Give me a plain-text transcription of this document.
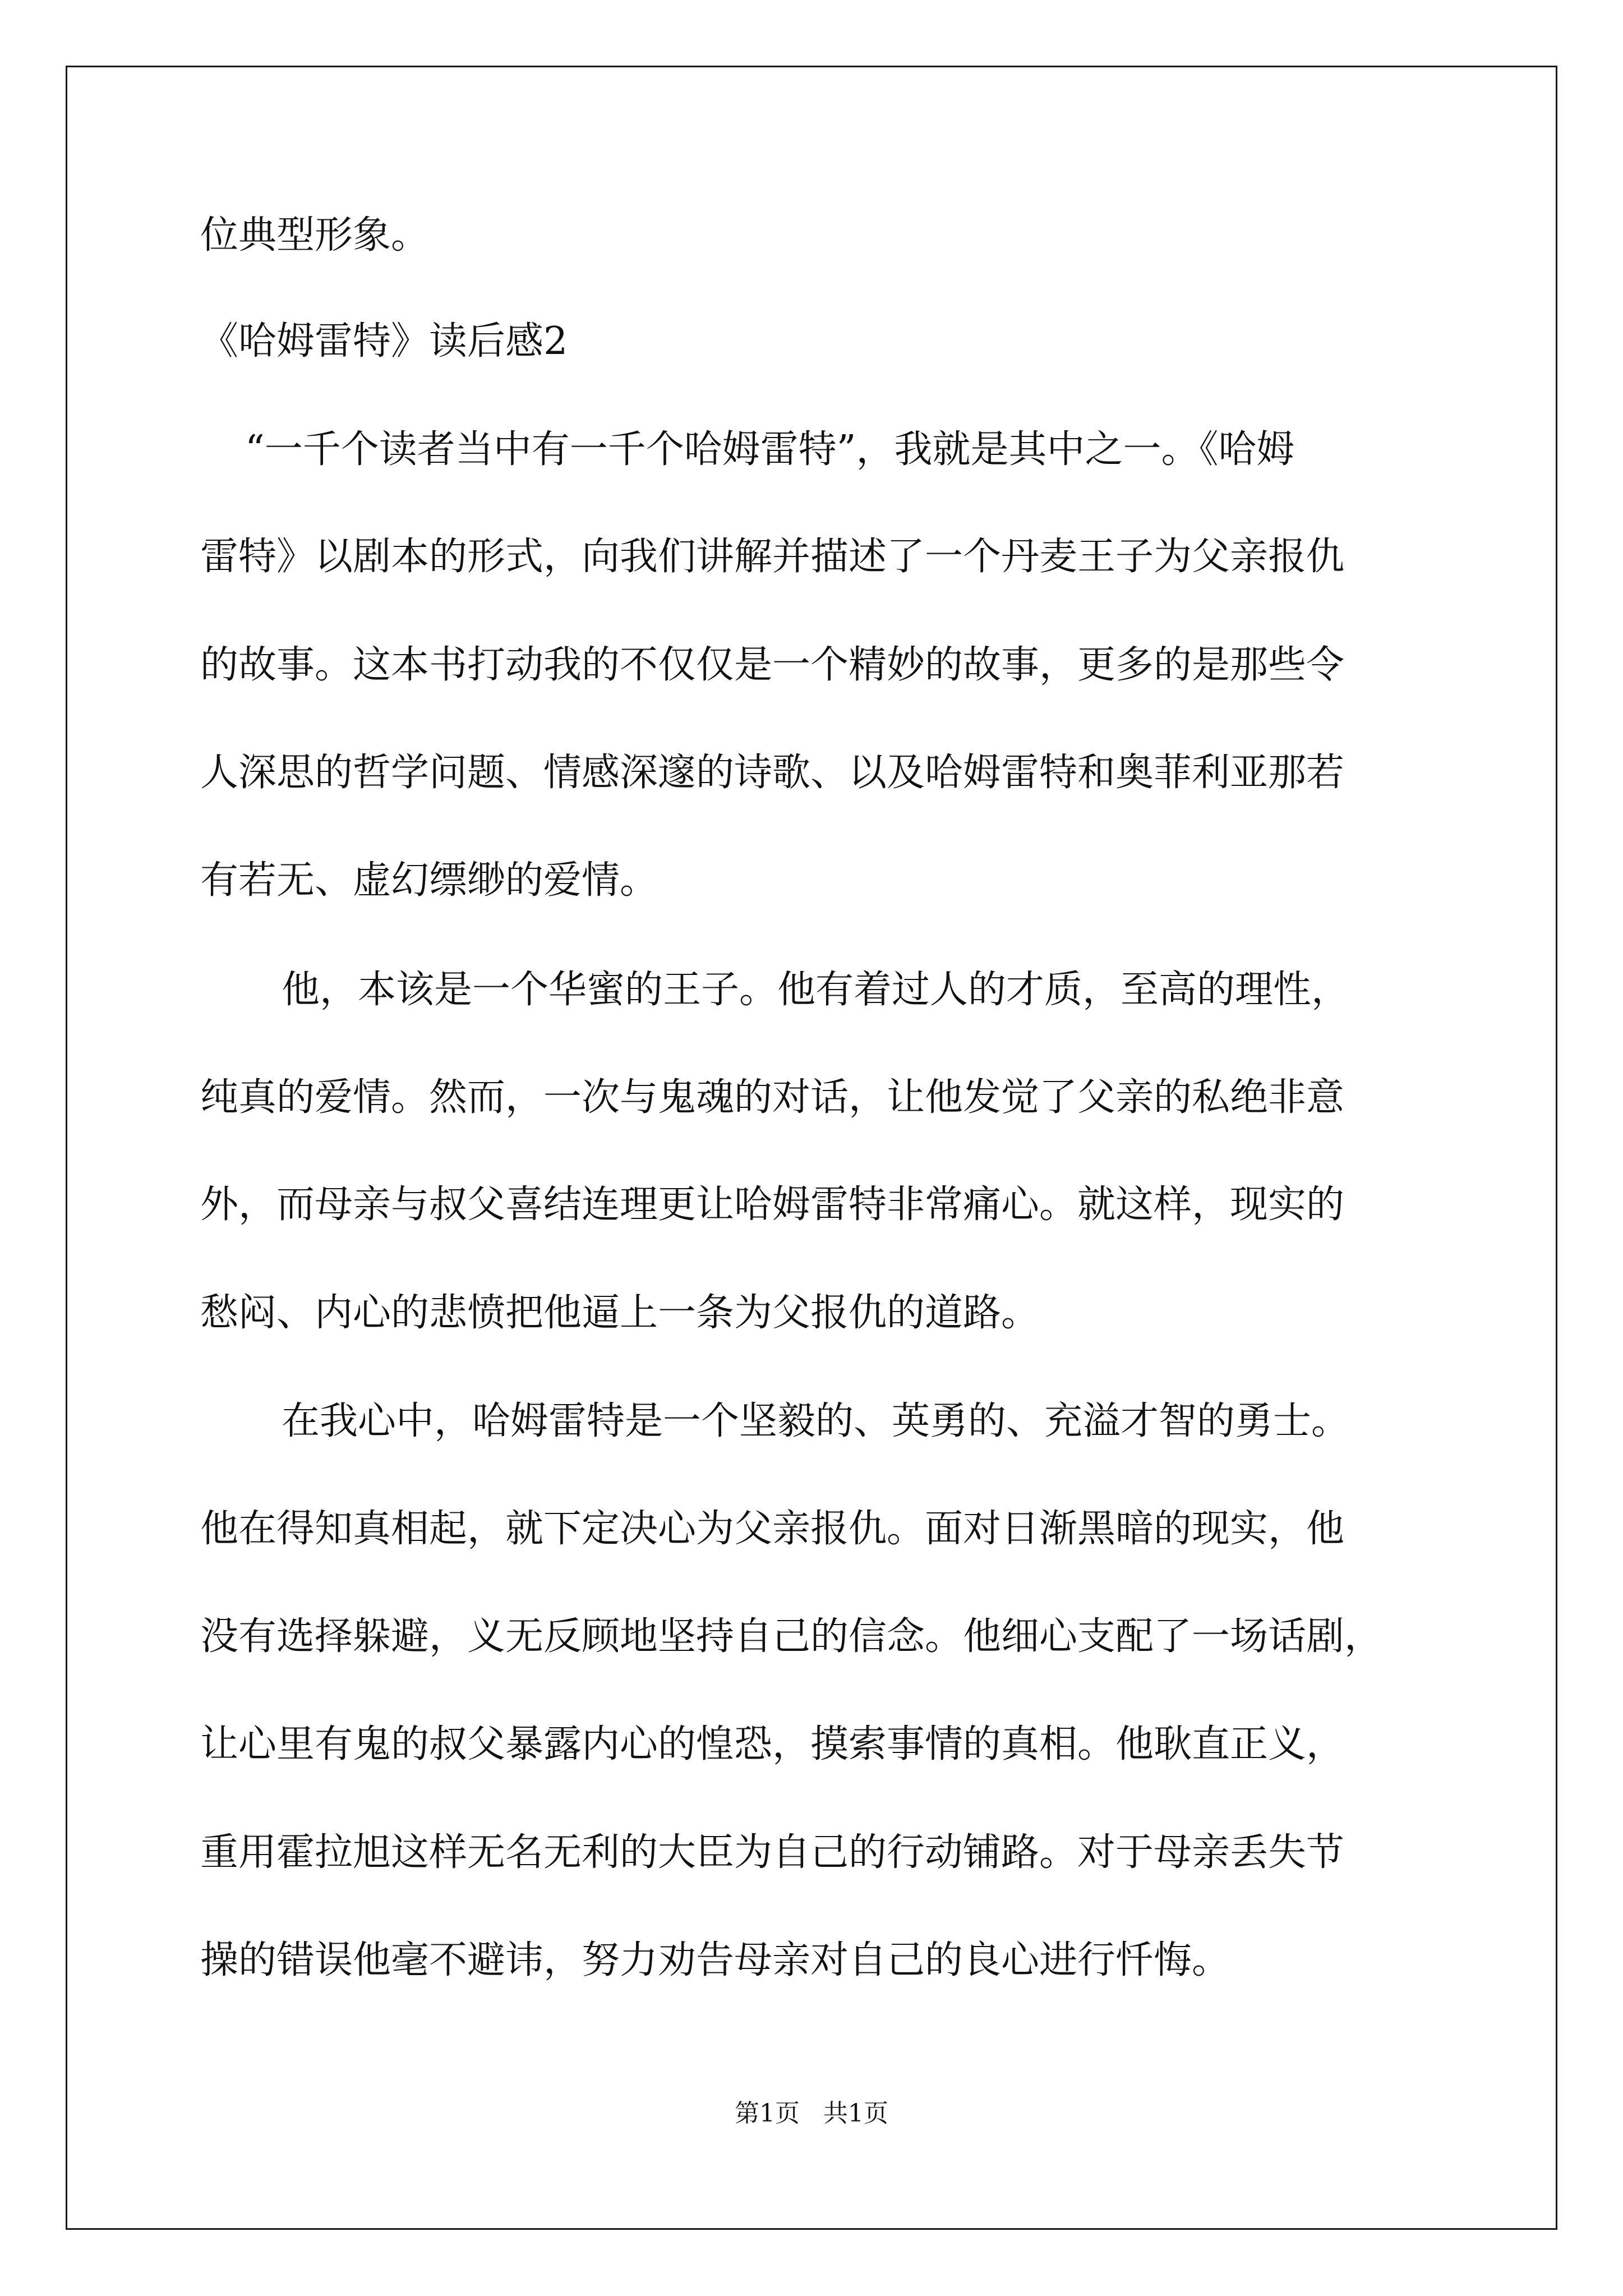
位典型形象。
《哈姆雷特》读后感2
“一千个读者当中有一千个哈姆雷特”，我就是其中之一。《哈姆
雷特》以剧本的形式，向我们讲解并描述了一个丹麦王子为父亲报仇
的故事。这本书打动我的不仅仅是一个精妙的故事，更多的是那些令
人深思的哲学问题、情感深邃的诗歌、以及哈姆雷特和奥菲利亚那若
有若无、虚幻缥缈的爱情。
他，本该是一个华蜜的王子。他有着过人的才质，至高的理性，
纯真的爱情。然而，一次与鬼魂的对话，让他发觉了父亲的私绝非意
外，而母亲与叔父喜结连理更让哈姆雷特非常痛心。就这样，现实的
愁闷、内心的悲愤把他逼上一条为父报仇的道路。
在我心中，哈姆雷特是一个坚毅的、英勇的、充溢才智的勇士。
他在得知真相起，就下定决心为父亲报仇。面对日渐黑暗的现实，他
没有选择躲避，义无反顾地坚持自己的信念。他细心支配了一场话剧，
让心里有鬼的叔父暴露内心的惶恐，摸索事情的真相。他耿直正义，
重用霍拉旭这样无名无利的大臣为自己的行动铺路。对于母亲丢失节
操的错误他毫不避讳，努力劝告母亲对自己的良心进行忏悔。
第1页   共1页
